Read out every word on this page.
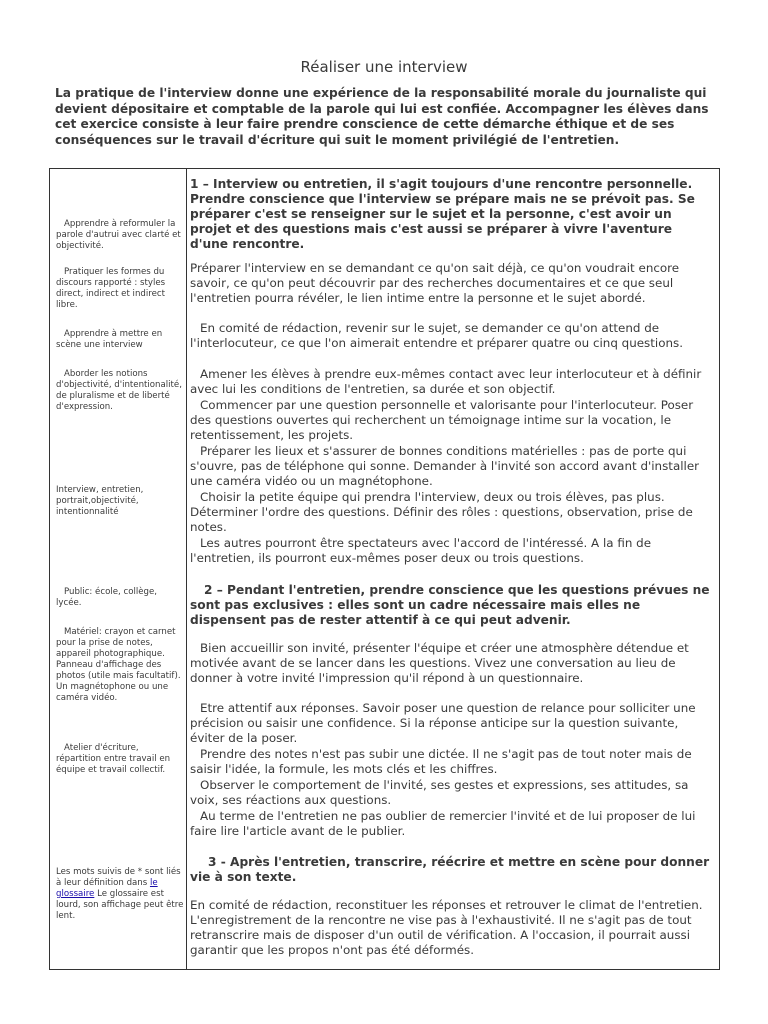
Réaliser une interview
La pratique de l'interview donne une expérience de la responsabilité morale du journaliste qui devient dépositaire et comptable de la parole qui lui est confiée. Accompagner les élèves dans cet exercice consiste à leur faire prendre conscience de cette démarche éthique et de ses conséquences sur le travail d'écriture qui suit le moment privilégié de l'entretien.
Apprendre à reformuler la parole d'autrui avec clarté et objectivité.
Pratiquer les formes du discours rapporté : styles direct, indirect et indirect libre.
Apprendre à mettre en scène une interview
Aborder les notions d'objectivité, d'intentionalité, de pluralisme et de liberté d'expression.
Interview, entretien, portrait,objectivité, intentionnalité
Public: école, collège, lycée.
Matériel: crayon et carnet pour la prise de notes, appareil photographique. Panneau d'affichage des photos (utile mais facultatif). Un magnétophone ou une caméra vidéo.
Atelier d'écriture, répartition entre travail en équipe et travail collectif.
Les mots suivis de * sont liés à leur définition dans le glossaire Le glossaire est lourd, son affichage peut être lent.
1 – Interview ou entretien, il s'agit toujours d'une rencontre personnelle. Prendre conscience que l'interview se prépare mais ne se prévoit pas. Se préparer c'est se renseigner sur le sujet et la personne, c'est avoir un projet et des questions mais c'est aussi se préparer à vivre l'aventure d'une rencontre.
Préparer l'interview en se demandant ce qu'on sait déjà, ce qu'on voudrait encore savoir, ce qu'on peut découvrir par des recherches documentaires et ce que seul l'entretien pourra révéler, le lien intime entre la personne et le sujet abordé.
En comité de rédaction, revenir sur le sujet, se demander ce qu'on attend de l'interlocuteur, ce que l'on aimerait entendre et préparer quatre ou cinq questions.
Amener les élèves à prendre eux-mêmes contact avec leur interlocuteur et à définir avec lui les conditions de l'entretien, sa durée et son objectif.
Commencer par une question personnelle et valorisante pour l'interlocuteur. Poser des questions ouvertes qui recherchent un témoignage intime sur la vocation, le retentissement, les projets.
Préparer les lieux et s'assurer de bonnes conditions matérielles : pas de porte qui s'ouvre, pas de téléphone qui sonne. Demander à l'invité son accord avant d'installer une caméra vidéo ou un magnétophone.
Choisir la petite équipe qui prendra l'interview, deux ou trois élèves, pas plus. Déterminer l'ordre des questions. Définir des rôles : questions, observation, prise de notes.
Les autres pourront être spectateurs avec l'accord de l'intéressé. A la fin de l'entretien, ils pourront eux-mêmes poser deux ou trois questions.
2 – Pendant l'entretien, prendre conscience que les questions prévues ne sont pas exclusives : elles sont un cadre nécessaire mais elles ne dispensent pas de rester attentif à ce qui peut advenir.
Bien accueillir son invité, présenter l'équipe et créer une atmosphère détendue et motivée avant de se lancer dans les questions. Vivez une conversation au lieu de donner à votre invité l'impression qu'il répond à un questionnaire.
Etre attentif aux réponses. Savoir poser une question de relance pour solliciter une précision ou saisir une confidence. Si la réponse anticipe sur la question suivante, éviter de la poser.
Prendre des notes n'est pas subir une dictée. Il ne s'agit pas de tout noter mais de saisir l'idée, la formule, les mots clés et les chiffres.
Observer le comportement de l'invité, ses gestes et expressions, ses attitudes, sa voix, ses réactions aux questions.
Au terme de l'entretien ne pas oublier de remercier l'invité et de lui proposer de lui faire lire l'article avant de le publier.
3 - Après l'entretien, transcrire, réécrire et mettre en scène pour donner vie à son texte.
En comité de rédaction, reconstituer les réponses et retrouver le climat de l'entretien. L'enregistrement de la rencontre ne vise pas à l'exhaustivité. Il ne s'agit pas de tout retranscrire mais de disposer d'un outil de vérification. A l'occasion, il pourrait aussi garantir que les propos n'ont pas été déformés.
